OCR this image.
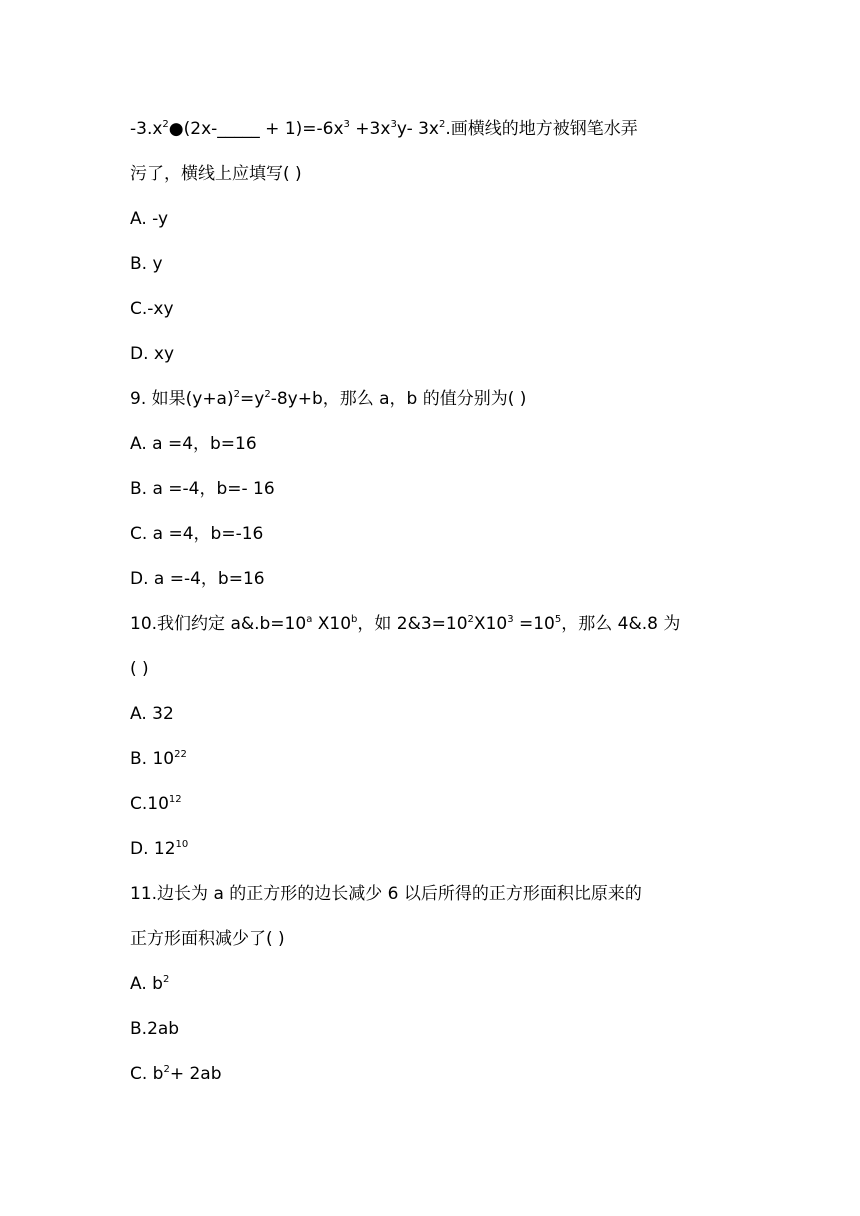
$-3.x^2●(2x-\_\_\_\_\_ + 1)=-6x^3 +3x^3y-$ $3x^2$.画横线的地方被钢笔水弄
污了，横线上应填写( )
A. -y
B. y
C.-xy
D. xy
9. 如果$(y+a)^2=y^2-8y+b$，那么 a，b 的值分别为( )
A. a =4，b=16
B. a =-4，b=- 16
C. a =4，b=-16
D. a =-4，b=16
10.我们约定 $a\&.b=10^a$ X10$^b$，如 $2\&3=10^2X10^3 =10^5$，那么 4&.8 为
( )
A. 32
B. $10^{22}$
$C.10^{12}$
D. $12^{10}$
11.边长为 a 的正方形的边长减少 6 以后所得的正方形面积比原来的
正方形面积减少了( )
A. $b^2$
B.2ab
C. $b^2+ 2ab$
